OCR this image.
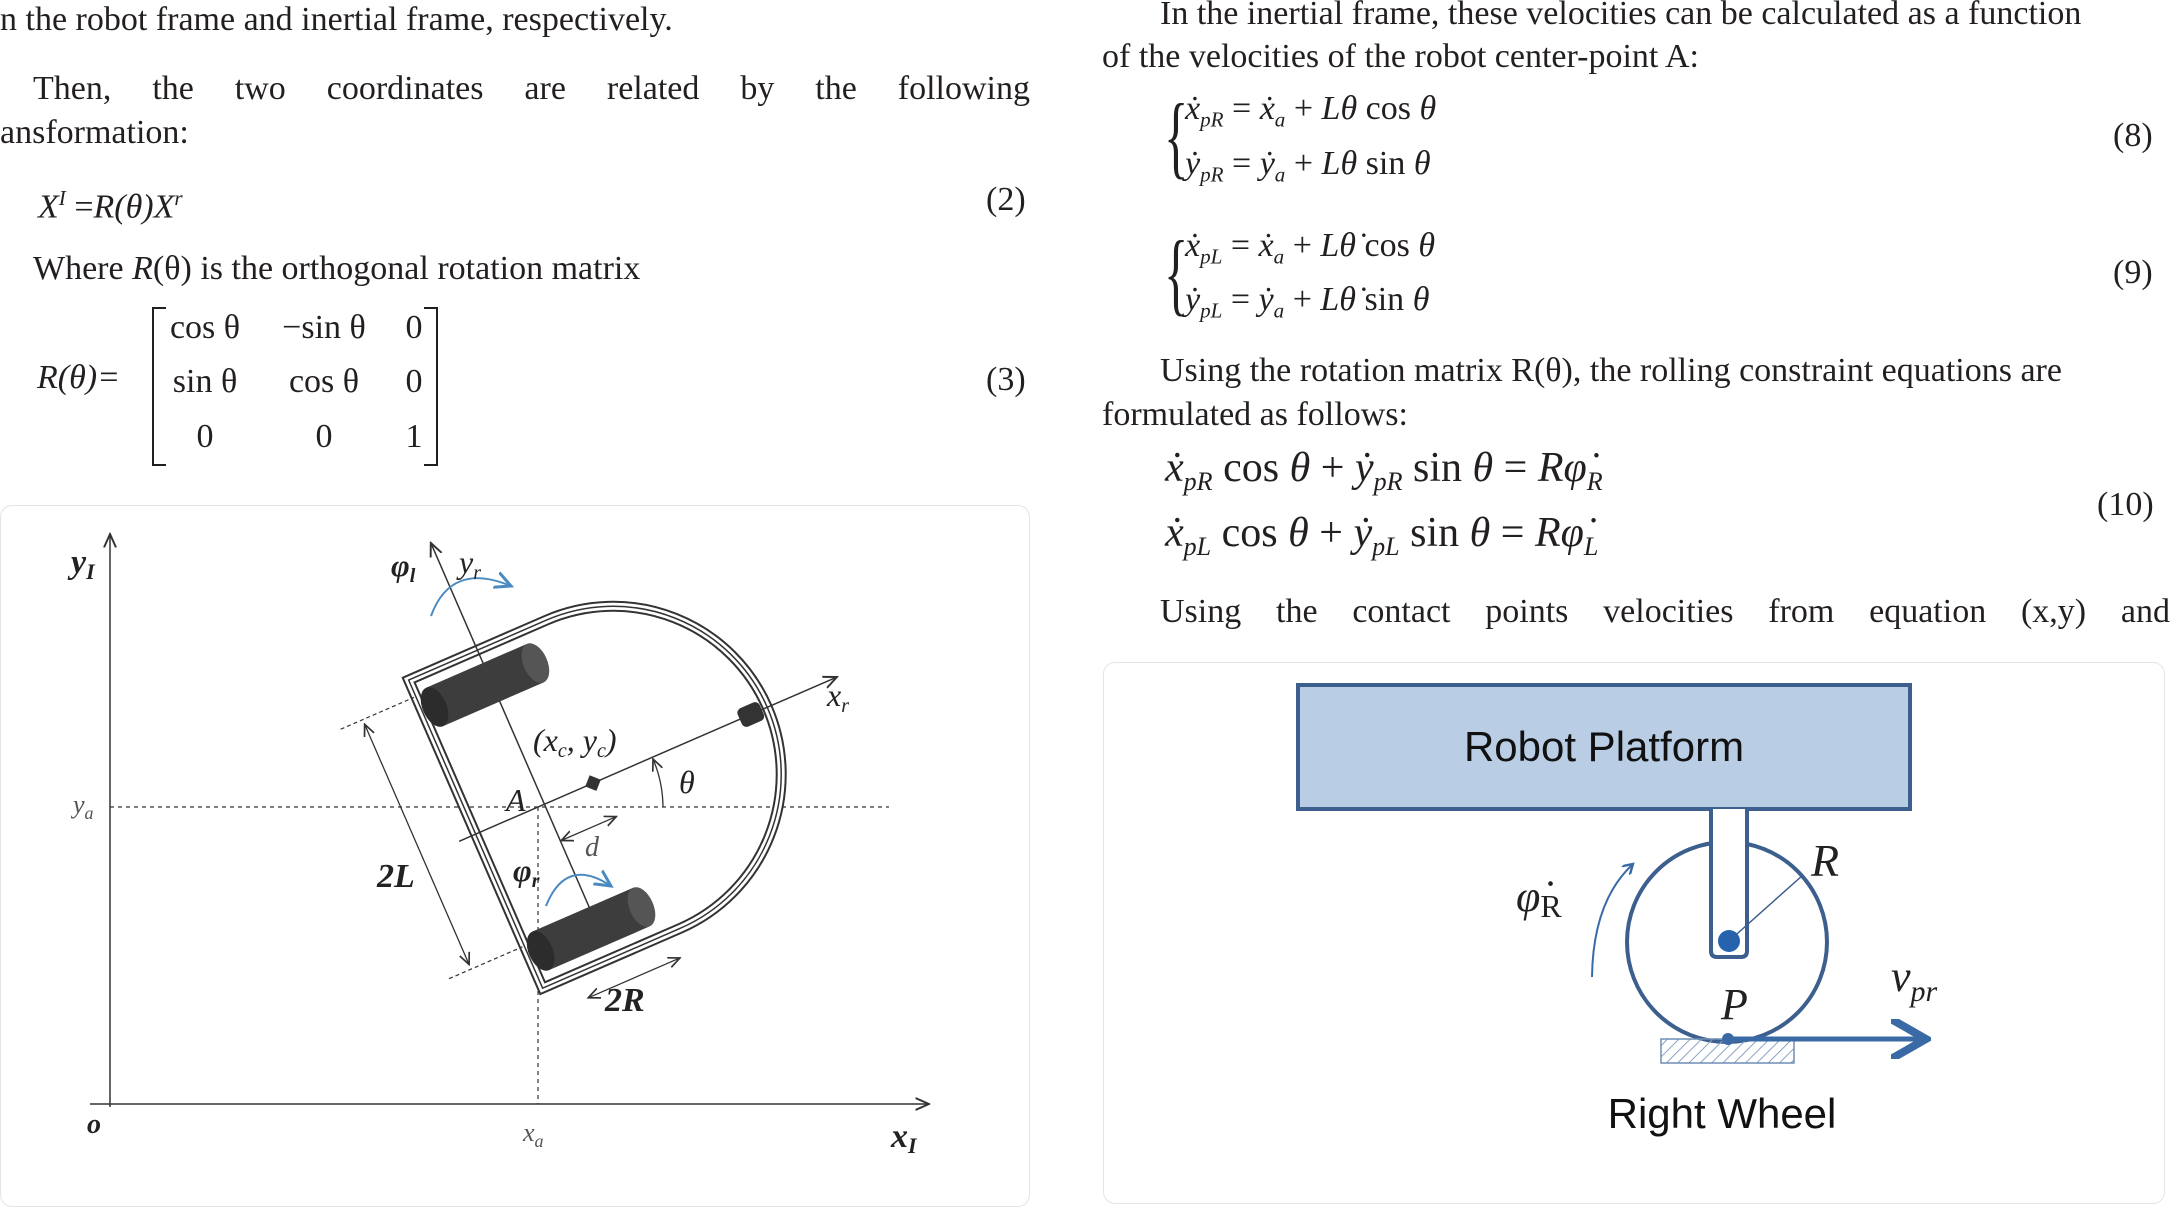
n the robot frame and inertial frame, respectively.
Then, the two coordinates are related by the following
ansformation:
$X^I =R(\theta)X^r$	(2)
Where R(θ) is the orthogonal rotation matrix
R(θ)=
cos θ	−sin θ	0
sin θ	cos θ	0
0	0	1
(3)
yI
xI
o	$x_a$
$y_a$
yr
xr
φl
φr
(xc, yc)
θ
A
d
2L
2R
In the inertial frame, these velocities can be calculated as a function
of the velocities of the robot center-point A:
{
ẋ$_{pR}$ = ẋ$_a$ + Lθ cos θ
ẏ$_{pR}$ = ẏ$_a$ + Lθ sin θ
(8)
{
ẋ$_{pL}$ = ẋ$_a$ + Lθ̇ cos θ
ẏ$_{pL}$ = ẏ$_a$ + Lθ̇ sin θ
(9)
Using the rotation matrix R(θ), the rolling constraint equations are
formulated as follows:
ẋ$_{pR}$ cos θ + ẏ$_{pR}$ $\sin \theta = R\varphi̇_R$
ẋ$_{pL}$ cos θ + ẏ$_{pL}$ $\sin \theta = R\varphi̇_L$
(10)
Using the contact points velocities from equation (x,y) and
Robot Platform
R
P
φ̇R
$v_{pr}$
Right Wheel
